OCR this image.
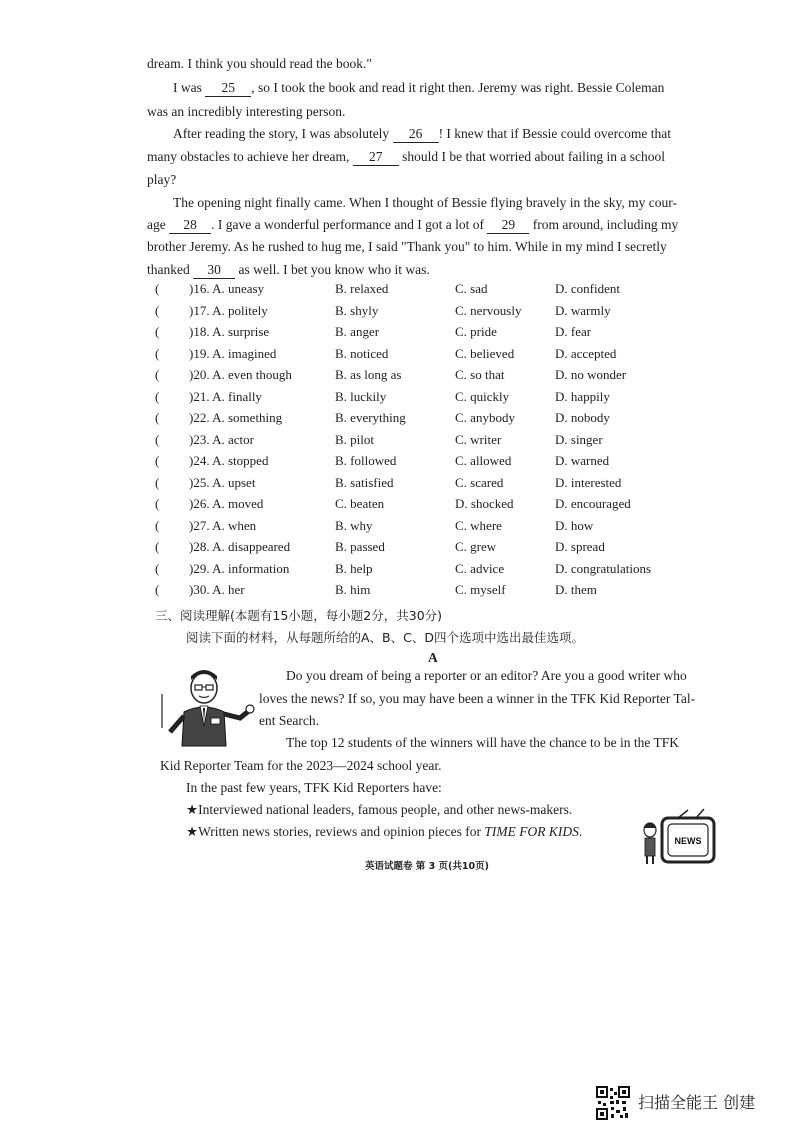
dream. I think you should read the book."
I was 25 , so I took the book and read it right then. Jeremy was right. Bessie Coleman
was an incredibly interesting person.
After reading the story, I was absolutely 26 ! I knew that if Bessie could overcome that
many obstacles to achieve her dream, 27 should I be that worried about failing in a school
play?
The opening night finally came. When I thought of Bessie flying bravely in the sky, my cour-
age 28 . I gave a wonderful performance and I got a lot of 29 from around, including my
brother Jeremy. As he rushed to hug me, I said "Thank you" to him. While in my mind I secretly
thanked 30 as well. I bet you know who it was.
( )16. A. uneasy	B. relaxed	C. sad	D. confident
( )17. A. politely	B. shyly	C. nervously	D. warmly
( )18. A. surprise	B. anger	C. pride	D. fear
( )19. A. imagined	B. noticed	C. believed	D. accepted
( )20. A. even though	B. as long as	C. so that	D. no wonder
( )21. A. finally	B. luckily	C. quickly	D. happily
( )22. A. something	B. everything	C. anybody	D. nobody
( )23. A. actor	B. pilot	C. writer	D. singer
( )24. A. stopped	B. followed	C. allowed	D. warned
( )25. A. upset	B. satisfied	C. scared	D. interested
( )26. A. moved	C. beaten	D. shocked	D. encouraged
( )27. A. when	B. why	C. where	D. how
( )28. A. disappeared	B. passed	C. grew	D. spread
( )29. A. information	B. help	C. advice	D. congratulations
( )30. A. her	B. him	C. myself	D. them
三、阅读理解(本题有15小题，每小题2分，共30分)
阅读下面的材料，从每题所给的A、B、C、D四个选项中选出最佳选项。
A
Do you dream of being a reporter or an editor? Are you a good writer who
loves the news? If so, you may have been a winner in the TFK Kid Reporter Tal-
ent Search.
The top 12 students of the winners will have the chance to be in the TFK
Kid Reporter Team for the 2023—2024 school year.
In the past few years, TFK Kid Reporters have:
★Interviewed national leaders, famous people, and other news-makers.
★Written news stories, reviews and opinion pieces for TIME FOR KIDS.
NEWS
英语试题卷 第 3 页(共10页)
扫描全能王 创建
